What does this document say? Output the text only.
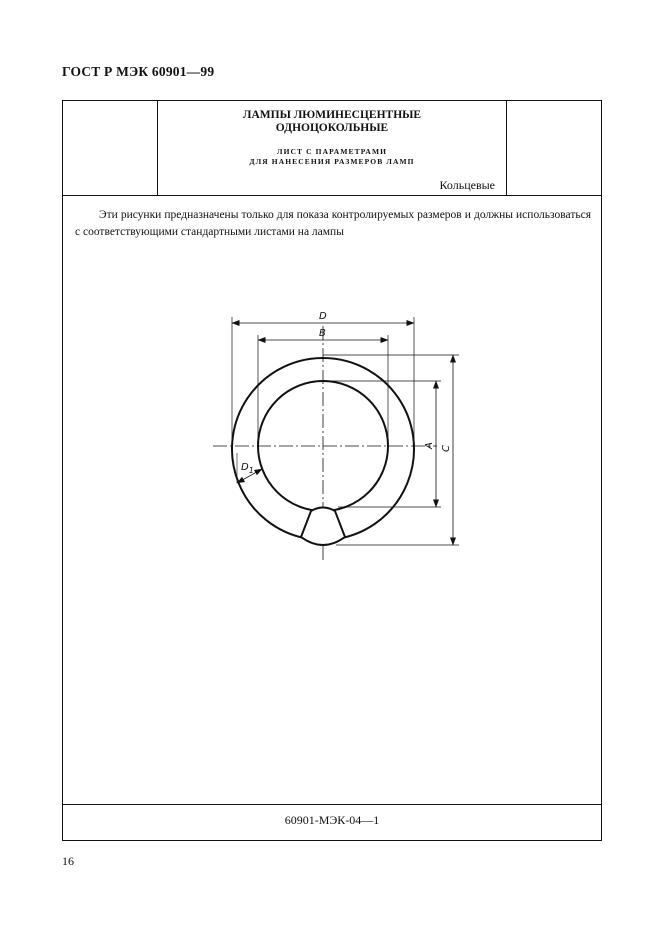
ГОСТ Р МЭК 60901—99
ЛАМПЫ ЛЮМИНЕСЦЕНТНЫЕ
ОДНОЦОКОЛЬНЫЕ
ЛИСТ С ПАРАМЕТРАМИ
ДЛЯ НАНЕСЕНИЯ РАЗМЕРОВ ЛАМП
Кольцевые
Эти рисунки предназначены только для показа контролируемых размеров и должны использоваться с соответствующими стандартными листами на лампы
D
B
A C
$D_1$
60901-МЭК-04—1
16
